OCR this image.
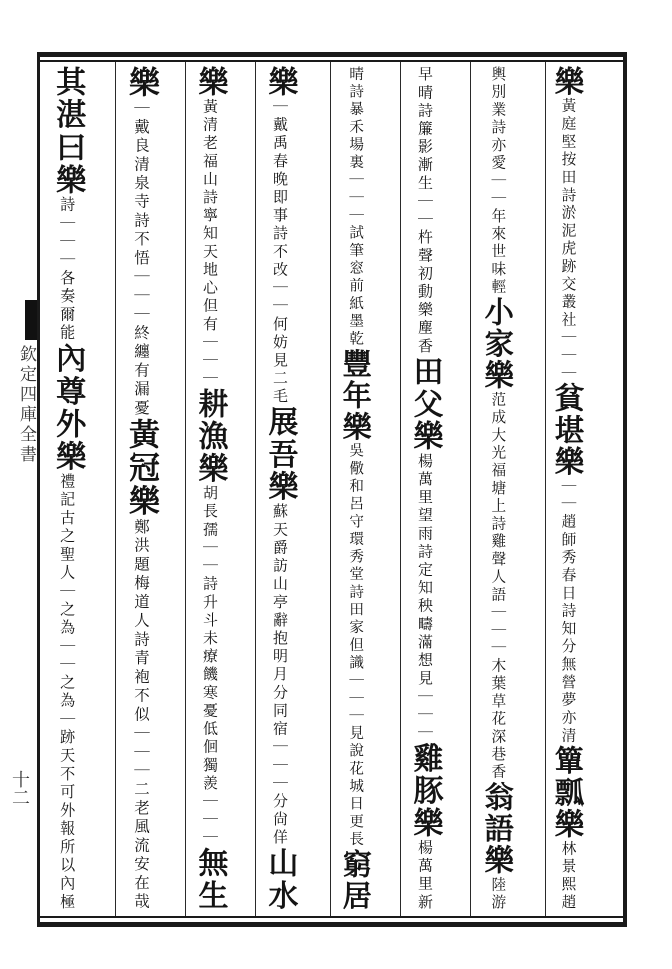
欽定四庫全書
十二
樂黃庭堅按田詩淤泥虎跡交叢社｜｜｜貧堪樂｜｜趙師秀春日詩知分無營夢亦清簞瓢樂林景熙趙
輿別業詩亦愛｜｜年來世味輕小家樂范成大光福塘上詩雞聲人語｜｜｜木葉草花深巷香翁語樂陸游
早晴詩簾影漸生｜｜杵聲初動樂塵香田父樂楊萬里望雨詩定知秧疇滿想見｜｜｜雞豚樂楊萬里新
晴詩暴禾場裏｜｜｜試筆窓前紙墨乾豐年樂吳儆和呂守環秀堂詩田家但識｜｜｜見說花城日更長窮居
樂｜戴禹春晚即事詩不改｜｜何妨見二毛展吾樂蘇天爵訪山亭辭抱明月分同宿｜｜｜分尙佯山水
樂黃清老福山詩寧知天地心但有｜｜｜耕漁樂胡長孺｜｜詩升斗未療饑寒憂低佪獨羨｜｜｜無生
樂｜戴良清泉寺詩不悟｜｜｜終纏有漏憂黃冠樂鄭洪題梅道人詩青袍不似｜｜｜二老風流安在哉
其湛曰樂詩｜｜｜各奏爾能內尊外樂禮記古之聖人｜之為｜｜之為｜跡天不可外報所以內極
